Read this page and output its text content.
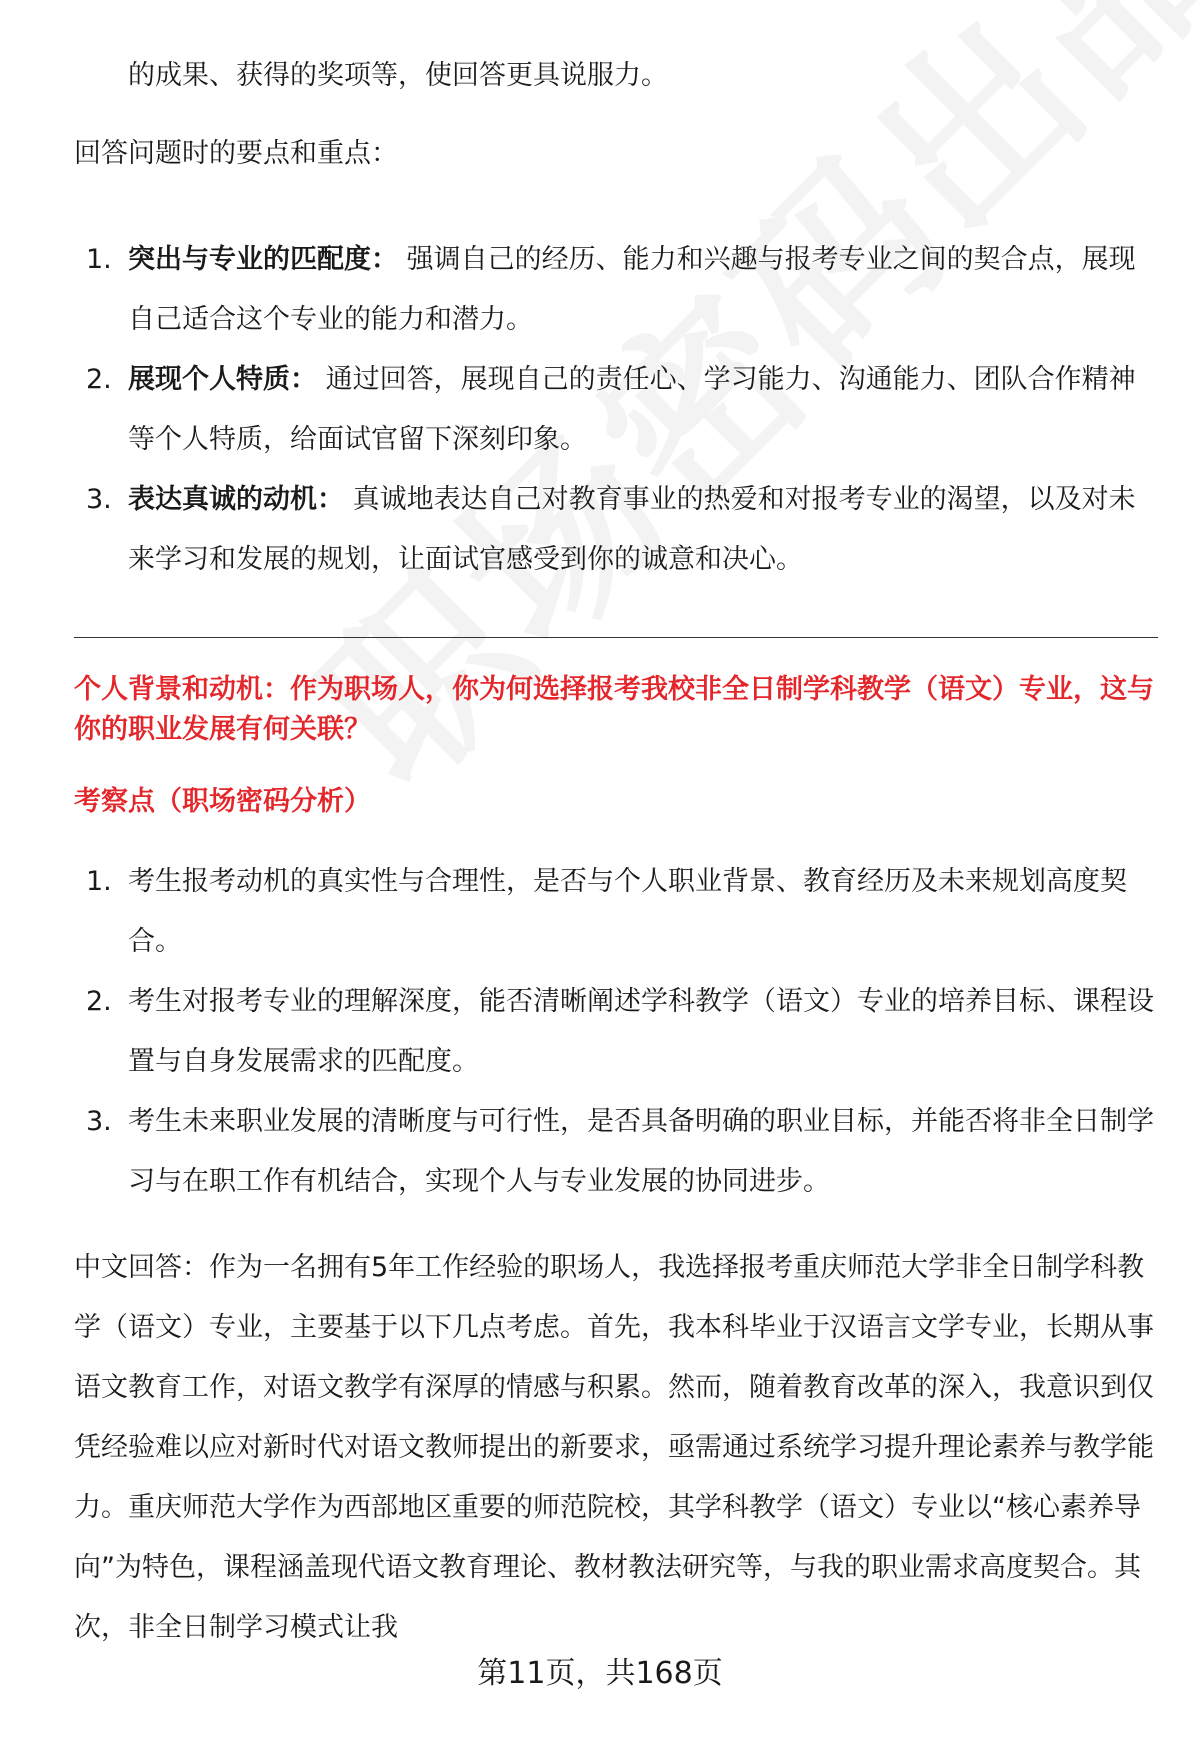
的成果、获得的奖项等，使回答更具说服力。
回答问题时的要点和重点：
1. 突出与专业的匹配度： 强调自己的经历、能力和兴趣与报考专业之间的契合点，展现自己适合这个专业的能力和潜力。
2. 展现个人特质： 通过回答，展现自己的责任心、学习能力、沟通能力、团队合作精神等个人特质，给面试官留下深刻印象。
3. 表达真诚的动机： 真诚地表达自己对教育事业的热爱和对报考专业的渴望，以及对未来学习和发展的规划，让面试官感受到你的诚意和决心。
个人背景和动机：作为职场人，你为何选择报考我校非全日制学科教学（语文）专业，这与你的职业发展有何关联？
考察点（职场密码分析）
1. 考生报考动机的真实性与合理性，是否与个人职业背景、教育经历及未来规划高度契合。
2. 考生对报考专业的理解深度，能否清晰阐述学科教学（语文）专业的培养目标、课程设置与自身发展需求的匹配度。
3. 考生未来职业发展的清晰度与可行性，是否具备明确的职业目标，并能否将非全日制学习与在职工作有机结合，实现个人与专业发展的协同进步。
中文回答：作为一名拥有5年工作经验的职场人，我选择报考重庆师范大学非全日制学科教学（语文）专业，主要基于以下几点考虑。首先，我本科毕业于汉语言文学专业，长期从事语文教育工作，对语文教学有深厚的情感与积累。然而，随着教育改革的深入，我意识到仅凭经验难以应对新时代对语文教师提出的新要求，亟需通过系统学习提升理论素养与教学能力。重庆师范大学作为西部地区重要的师范院校，其学科教学（语文）专业以“核心素养导向”为特色，课程涵盖现代语文教育理论、教材教法研究等，与我的职业需求高度契合。其次，非全日制学习模式让我
第11页，共168页
